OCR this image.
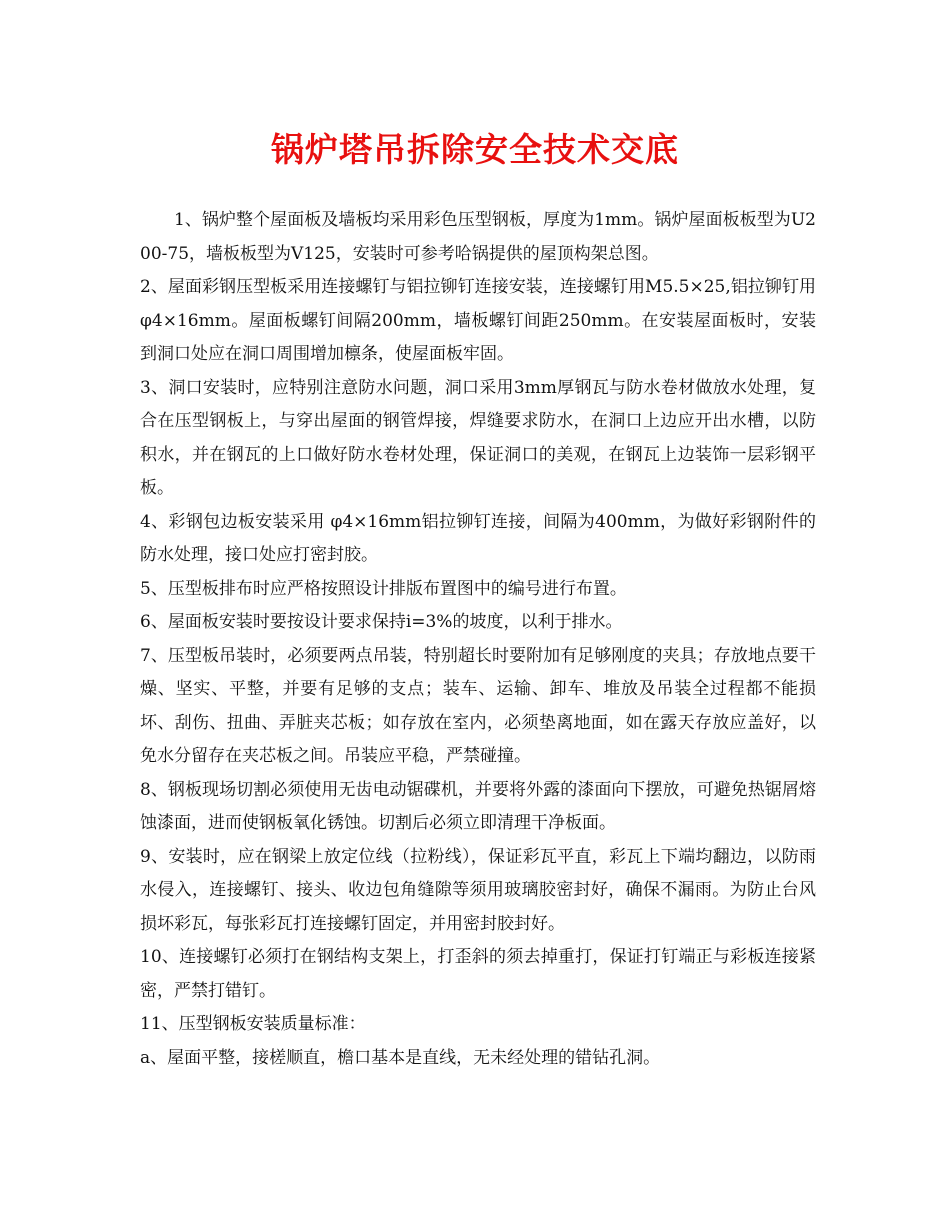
锅炉塔吊拆除安全技术交底

1、锅炉整个屋面板及墙板均采用彩色压型钢板，厚度为1mm。锅炉屋面板板型为U200-75，墙板板型为V125，安装时可参考哈锅提供的屋顶构架总图。

2、屋面彩钢压型板采用连接螺钉与铝拉铆钉连接安装，连接螺钉用M5.5×25,铝拉铆钉用 φ4×16mm。屋面板螺钉间隔200mm，墙板螺钉间距250mm。在安装屋面板时，安装到洞口处应在洞口周围增加檩条，使屋面板牢固。

3、洞口安装时，应特别注意防水问题，洞口采用3mm厚钢瓦与防水卷材做放水处理，复合在压型钢板上，与穿出屋面的钢管焊接，焊缝要求防水，在洞口上边应开出水槽，以防积水，并在钢瓦的上口做好防水卷材处理，保证洞口的美观，在钢瓦上边装饰一层彩钢平板。

4、彩钢包边板安装采用 φ4×16mm铝拉铆钉连接，间隔为400mm，为做好彩钢附件的防水处理，接口处应打密封胶。

5、压型板排布时应严格按照设计排版布置图中的编号进行布置。

6、屋面板安装时要按设计要求保持i=3%的坡度，以利于排水。

7、压型板吊装时，必须要两点吊装，特别超长时要附加有足够刚度的夹具；存放地点要干燥、坚实、平整，并要有足够的支点；装车、运输、卸车、堆放及吊装全过程都不能损坏、刮伤、扭曲、弄脏夹芯板；如存放在室内，必须垫离地面，如在露天存放应盖好，以免水分留存在夹芯板之间。吊装应平稳，严禁碰撞。

8、钢板现场切割必须使用无齿电动锯碟机，并要将外露的漆面向下摆放，可避免热锯屑熔蚀漆面，进而使钢板氧化锈蚀。切割后必须立即清理干净板面。

9、安装时，应在钢梁上放定位线（拉粉线），保证彩瓦平直，彩瓦上下端均翻边，以防雨水侵入，连接螺钉、接头、收边包角缝隙等须用玻璃胶密封好，确保不漏雨。为防止台风损坏彩瓦，每张彩瓦打连接螺钉固定，并用密封胶封好。

10、连接螺钉必须打在钢结构支架上，打歪斜的须去掉重打，保证打钉端正与彩板连接紧密，严禁打错钉。

11、压型钢板安装质量标准：

a、屋面平整，接槎顺直，檐口基本是直线，无未经处理的错钻孔洞。
